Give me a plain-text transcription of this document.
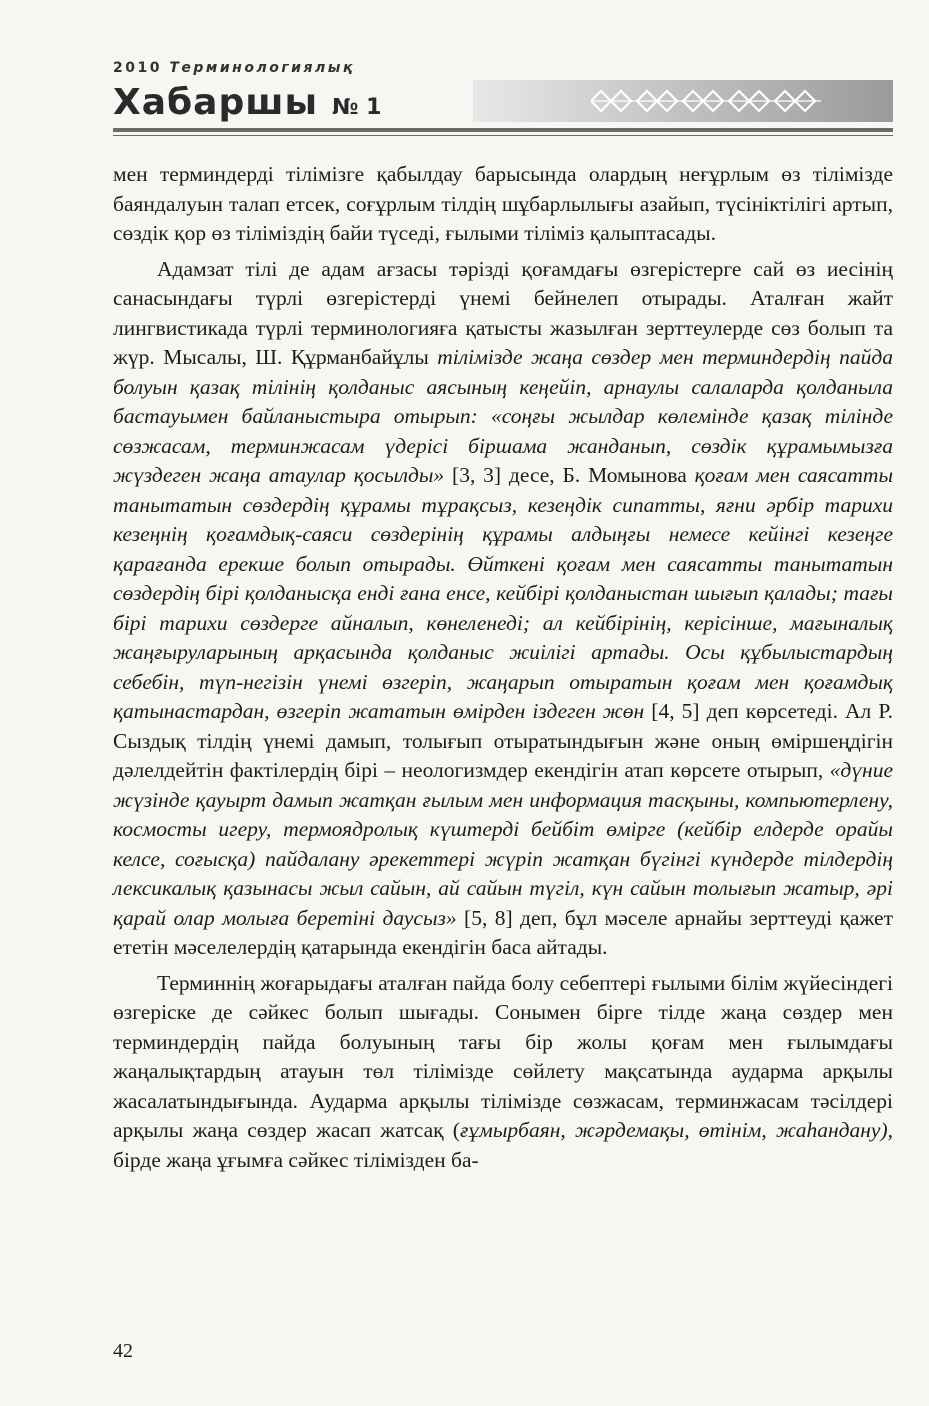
2010 Терминологиялық
Хабаршы № 1

мен терминдерді тілімізге қабылдау барысында олардың неғұрлым өз тілімізде баяндалуын талап етсек, соғұрлым тілдің шұбарлылығы азайып, түсініктілігі артып, сөздік қор өз тіліміздің байи түседі, ғылыми тіліміз қалыптасады.

Адамзат тілі де адам ағзасы тәрізді қоғамдағы өзгерістерге сай өз иесінің санасындағы түрлі өзгерістерді үнемі бейнелеп отырады. Аталған жайт лингвистикада түрлі терминологияға қатысты жазылған зерттеулерде сөз болып та жүр. Мысалы, Ш. Құрманбайұлы тілімізде жаңа сөздер мен терминдердің пайда болуын қазақ тілінің қолданыс аясының кеңейіп, арнаулы салаларда қолданыла бастауымен байланыстыра отырып: «соңғы жылдар көлемінде қазақ тілінде сөзжасам, терминжасам үдерісі біршама жанданып, сөздік құрамымызға жүздеген жаңа атаулар қосылды» [3, 3] десе, Б. Момынова қоғам мен саясатты танытатын сөздердің құрамы тұрақсыз, кезеңдік сипатты, яғни әрбір тарихи кезеңнің қоғамдық-саяси сөздерінің құрамы алдыңғы немесе кейінгі кезеңге қарағанда ерекше болып отырады. Өйткені қоғам мен саясатты танытатын сөздердің бірі қолданысқа енді ғана енсе, кейбірі қолданыстан шығып қалады; тағы бірі тарихи сөздерге айналып, көнеленеді; ал кейбірінің, керісінше, мағыналық жаңғыруларының арқасында қолданыс жиілігі артады. Осы құбылыстардың себебін, түп-негізін үнемі өзгеріп, жаңарып отыратын қоғам мен қоғамдық қатынастардан, өзгеріп жататын өмірден іздеген жөн [4, 5] деп көрсетеді. Ал Р. Сыздық тілдің үнемі дамып, толығып отыратындығын және оның өміршеңдігін дәлелдейтін фактілердің бірі – неологизмдер екендігін атап көрсете отырып, «дүние жүзінде қауырт дамып жатқан ғылым мен информация тасқыны, компьютерлену, космосты игеру, термоядролық күштерді бейбіт өмірге (кейбір елдерде орайы келсе, соғысқа) пайдалану әрекеттері жүріп жатқан бүгінгі күндерде тілдердің лексикалық қазынасы жыл сайын, ай сайын түгіл, күн сайын толығып жатыр, әрі қарай олар молыға беретіні даусыз» [5, 8] деп, бұл мәселе арнайы зерттеуді қажет ететін мәселелердің қатарында екендігін баса айтады.

Терминнің жоғарыдағы аталған пайда болу себептері ғылыми білім жүйесіндегі өзгеріске де сәйкес болып шығады. Сонымен бірге тілде жаңа сөздер мен терминдердің пайда болуының тағы бір жолы қоғам мен ғылымдағы жаңалықтардың атауын төл тілімізде сөйлету мақсатында аударма арқылы жасалатындығында. Аударма арқылы тілімізде сөзжасам, терминжасам тәсілдері арқылы жаңа сөздер жасап жатсақ (ғұмырбаян, жәрдемақы, өтінім, жаһандану), бірде жаңа ұғымға сәйкес тілімізден ба-

42
